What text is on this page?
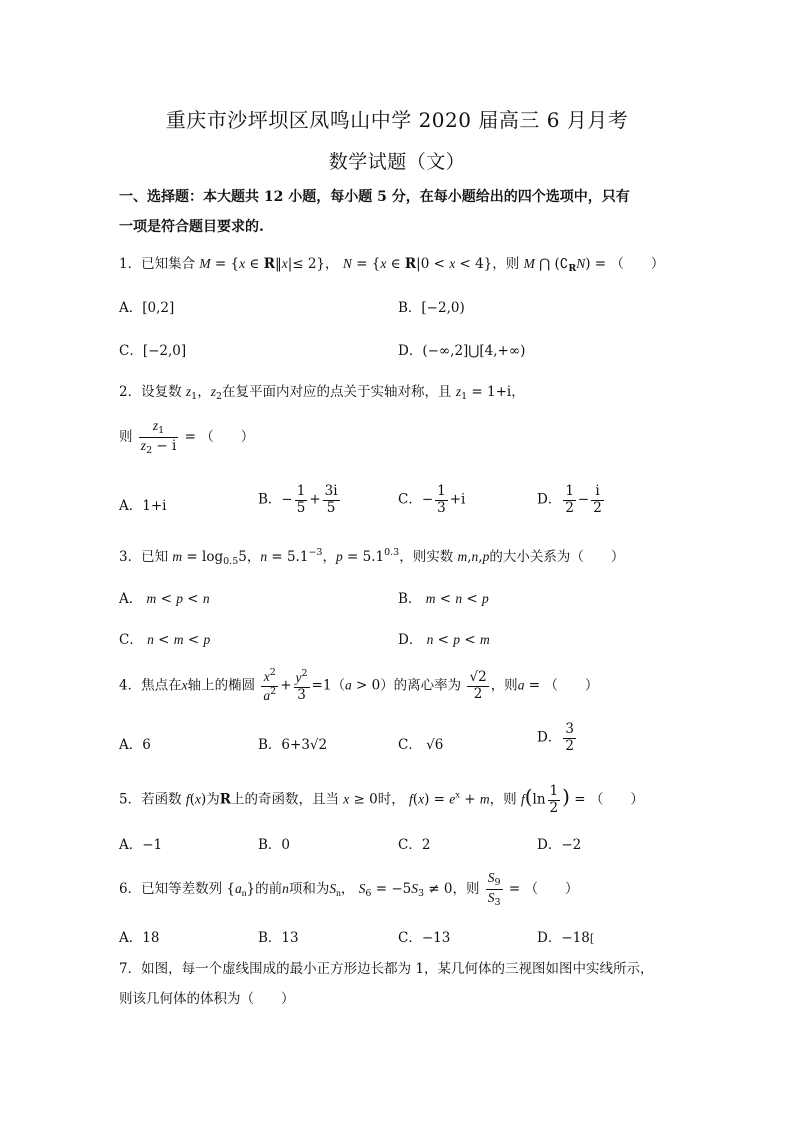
重庆市沙坪坝区凤鸣山中学 2020 届高三 6 月月考
数学试题（文）
一、选择题：本大题共 12 小题，每小题 5 分，在每小题给出的四个选项中，只有
一项是符合题目要求的.
1．已知集合 M = {x ∈ R‖x|≤ 2}， N = {x ∈ R|0 < x < 4}，则 M ⋂ $(∁_RN)$ = （　　）
A．[0,2]	B．[−2,0)
C．[−2,0]	D．(−∞,2]⋃[4,+∞)
2．设复数 $z_1$，$z_2$在复平面内对应的点关于实轴对称，且 $z_1 = 1+i$，
则 $\frac{z_1}{z_2 - i}$ = （　　）
A．1+i	B．− $\frac{1}{5} + \frac{3i}{5}$	C．− $\frac{1}{3} +i$	D． $\frac{1}{2} - \frac{i}{2}$
3．已知 $m = \log_{0.5}5$，$n = 5.1^{-3}$，$p = 5.1^{0.3}$，则实数 m,n,p的大小关系为（　　）
A． m < p < n	B． m < n < p
C． n < m < p	D． n < p < m
4．焦点在x轴上的椭圆 $\frac{x^2}{a^2} + \frac{y^2}{3} =1(a > 0)$的离心率为 $\frac{√2}{2}$ ，则a = （　　）
A．6	B．6+3√2	C． √6	D． $\frac{3}{2}$
5．若函数 f(x)为R上的奇函数，且当 x ≥ 0时， $f(x) = e^x + m$，则 $f(\ln \frac{1}{2}$ ) = （　　）
A．−1	B．0	C．2	D．−2
6．已知等差数列 $\{a_n\}$的前n项和为$S_n$， $S_6 = -5S_3 \ne 0$，则 $\frac{S_9}{S_3}$ = （　　）
A．18	B．13	C．−13	D．−18[
7．如图，每一个虚线围成的最小正方形边长都为 1，某几何体的三视图如图中实线所示，
则该几何体的体积为（　　）
